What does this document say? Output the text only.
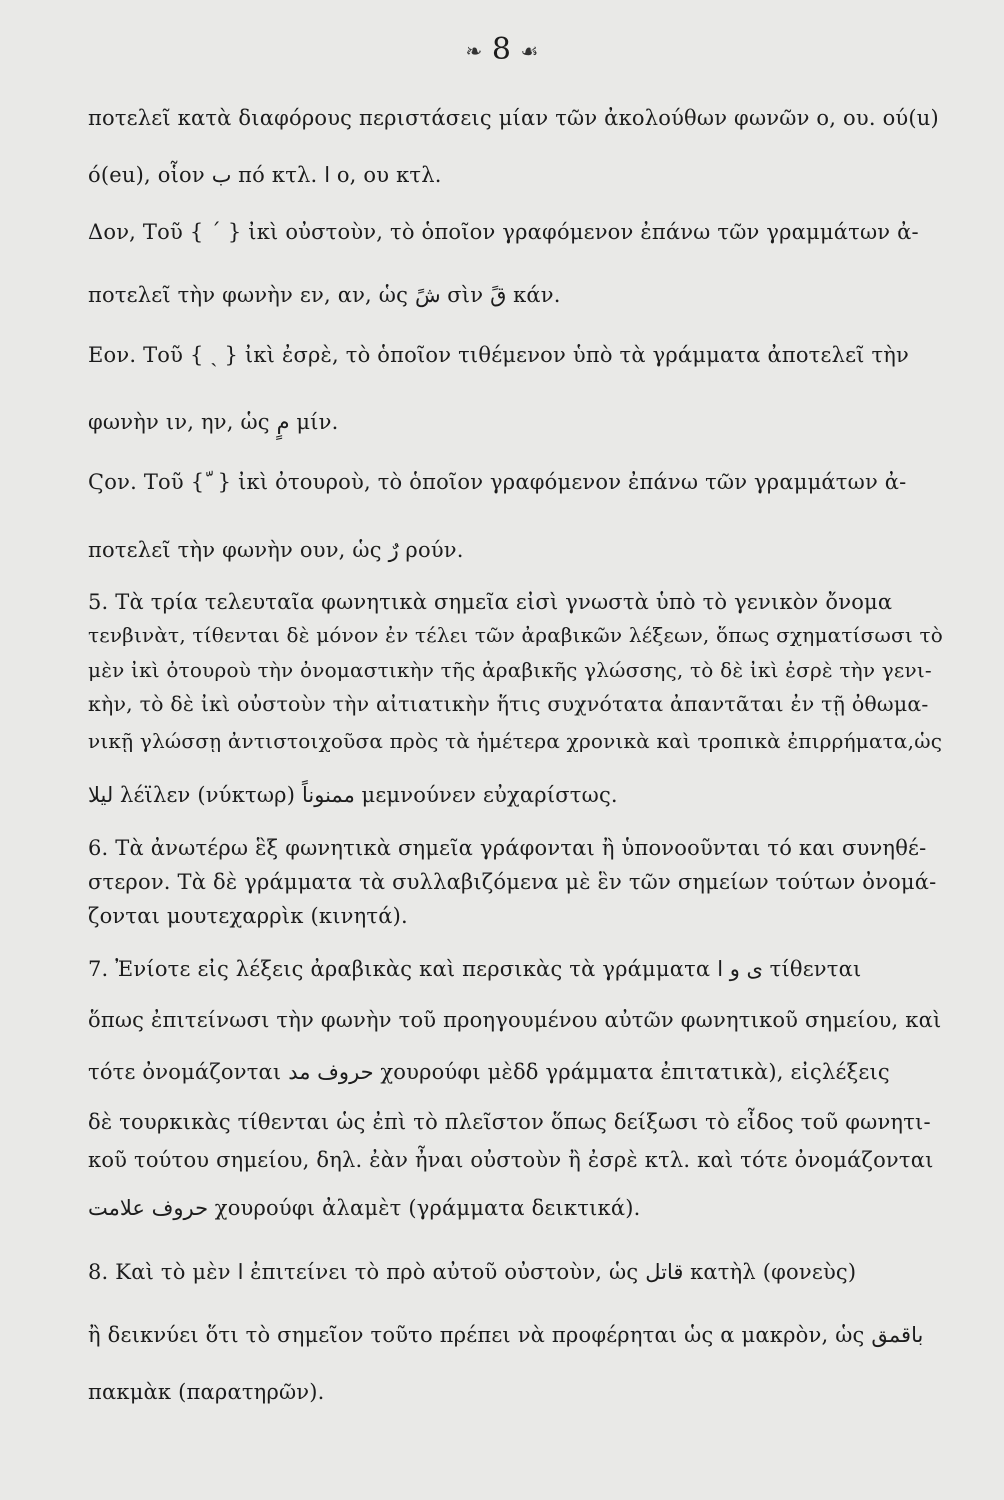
❧ 8 ☙
ποτελεῖ κατὰ διαφόρους περιστάσεις μίαν τῶν ἀκολούθων φωνῶν ο, ου. ού(u)
ό(eu), οἷον ب πό κτλ. ا ο, ου κτλ.
Δον, Τοῦ { ´ } ἰκὶ οὐστοὺν, τὸ ὁποῖον γραφόμενον ἐπάνω τῶν γραμμάτων ἀ-
ποτελεῖ τὴν φωνὴν εν, αν, ὡς شً σὶν قً κάν.
Εον. Τοῦ { ˏ } ἰκὶ ἐσρὲ, τὸ ὁποῖον τιθέμενον ὑπὸ τὰ γράμματα ἀποτελεῖ τὴν
φωνὴν ιν, ην, ὡς مٍ μίν.
Ϛον. Τοῦ { ّ } ἰκὶ ὀτουροὺ, τὸ ὁποῖον γραφόμενον ἐπάνω τῶν γραμμάτων ἀ-
ποτελεῖ τὴν φωνὴν ουν, ὡς رٌ ρούν.
5. Τὰ τρία τελευταῖα φωνητικὰ σημεῖα εἰσὶ γνωστὰ ὑπὸ τὸ γενικὸν ὄνομα
τενβινὰτ, τίθενται δὲ μόνον ἐν τέλει τῶν ἀραβικῶν λέξεων, ὅπως σχηματίσωσι τὸ
μὲν ἰκὶ ὀτουροὺ τὴν ὀνομαστικὴν τῆς ἀραβικῆς γλώσσης, τὸ δὲ ἰκὶ ἐσρὲ τὴν γενι-
κὴν, τὸ δὲ ἰκὶ οὐστοὺν τὴν αἰτιατικὴν ἥτις συχνότατα ἀπαντᾶται ἐν τῇ ὀθωμα-
νικῇ γλώσσῃ ἀντιστοιχοῦσα πρὸς τὰ ἡμέτερα χρονικὰ καὶ τροπικὰ ἐπιρρήματα,ὡς
ليلا λέϊλεν (νύκτωρ) ممنوناً μεμνούνεν εὐχαρίστως.
6. Τὰ ἀνωτέρω ἓξ φωνητικὰ σημεῖα γράφονται ἢ ὑπονοοῦνται τό και συνηθέ-
στερον. Τὰ δὲ γράμματα τὰ συλλαβιζόμενα μὲ ἓν τῶν σημείων τούτων ὀνομά-
ζονται μουτεχαρρὶκ (κινητά).
7. Ἐνίοτε εἰς λέξεις ἀραβικὰς καὶ περσικὰς τὰ γράμματα ی و ا τίθενται
ὅπως ἐπιτείνωσι τὴν φωνὴν τοῦ προηγουμένου αὐτῶν φωνητικοῦ σημείου, καὶ
τότε ὀνομάζονται حروف مد χουρούφι μὲδδ γράμματα ἐπιτατικὰ), εἰςλέξεις
δὲ τουρκικὰς τίθενται ὡς ἐπὶ τὸ πλεῖστον ὅπως δείξωσι τὸ εἶδος τοῦ φωνητι-
κοῦ τούτου σημείου, δηλ. ἐὰν ἦναι οὐστοὺν ἢ ἐσρὲ κτλ. καὶ τότε ὀνομάζονται
حروف علامت χουρούφι ἀλαμὲτ (γράμματα δεικτικά).
8. Καὶ τὸ μὲν ا ἐπιτείνει τὸ πρὸ αὐτοῦ οὐστοὺν, ὡς قاتل κατὴλ (φονεὺς)
ἢ δεικνύει ὅτι τὸ σημεῖον τοῦτο πρέπει νὰ προφέρηται ὡς α μακρὸν, ὡς باقمق
πακμὰκ (παρατηρῶν).
